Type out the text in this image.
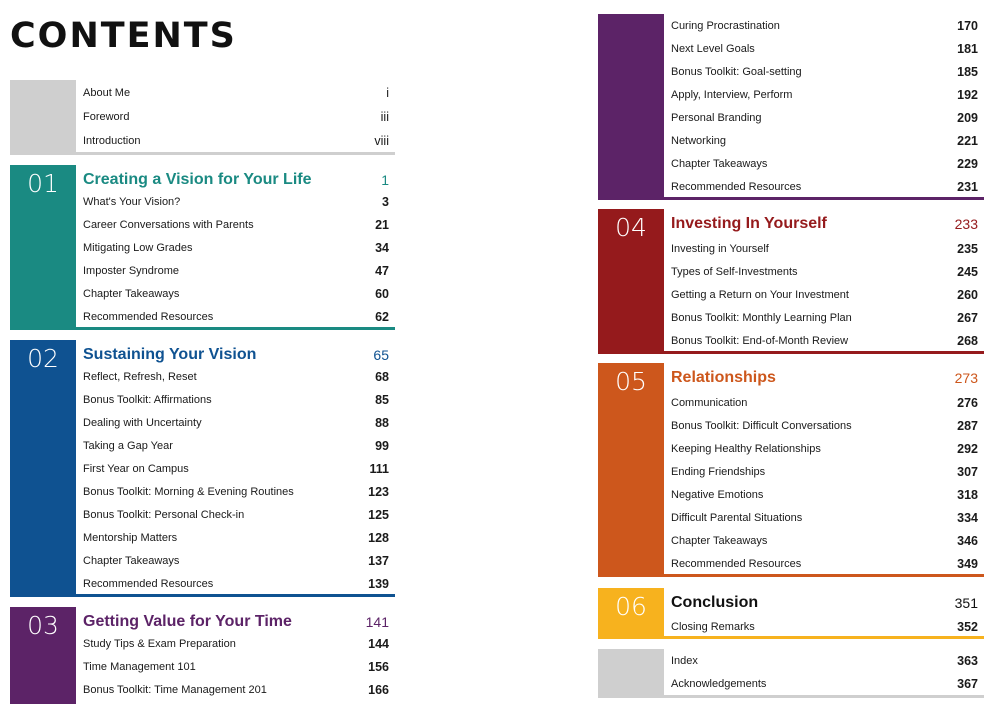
CONTENTS
About Me	i
Foreword	iii
Introduction	viii
01	Creating a Vision for Your Life	1
What's Your Vision?	3
Career Conversations with Parents	21
Mitigating Low Grades	34
Imposter Syndrome	47
Chapter Takeaways	60
Recommended Resources	62
02	Sustaining Your Vision	65
Reflect, Refresh, Reset	68
Bonus Toolkit: Affirmations	85
Dealing with Uncertainty	88
Taking a Gap Year	99
First Year on Campus	111
Bonus Toolkit: Morning & Evening Routines	123
Bonus Toolkit: Personal Check-in	125
Mentorship Matters	128
Chapter Takeaways	137
Recommended Resources	139
03	Getting Value for Your Time	141
Study Tips & Exam Preparation	144
Time Management 101	156
Bonus Toolkit: Time Management 201	166
Curing Procrastination	170
Next Level Goals	181
Bonus Toolkit: Goal-setting	185
Apply, Interview, Perform	192
Personal Branding	209
Networking	221
Chapter Takeaways	229
Recommended Resources	231
04	Investing In Yourself	233
Investing in Yourself	235
Types of Self-Investments	245
Getting a Return on Your Investment	260
Bonus Toolkit: Monthly Learning Plan	267
Bonus Toolkit: End-of-Month Review	268
05	Relationships	273
Communication	276
Bonus Toolkit: Difficult Conversations	287
Keeping Healthy Relationships	292
Ending Friendships	307
Negative Emotions	318
Difficult Parental Situations	334
Chapter Takeaways	346
Recommended Resources	349
06	Conclusion	351
Closing Remarks	352
Index	363
Acknowledgements	367
